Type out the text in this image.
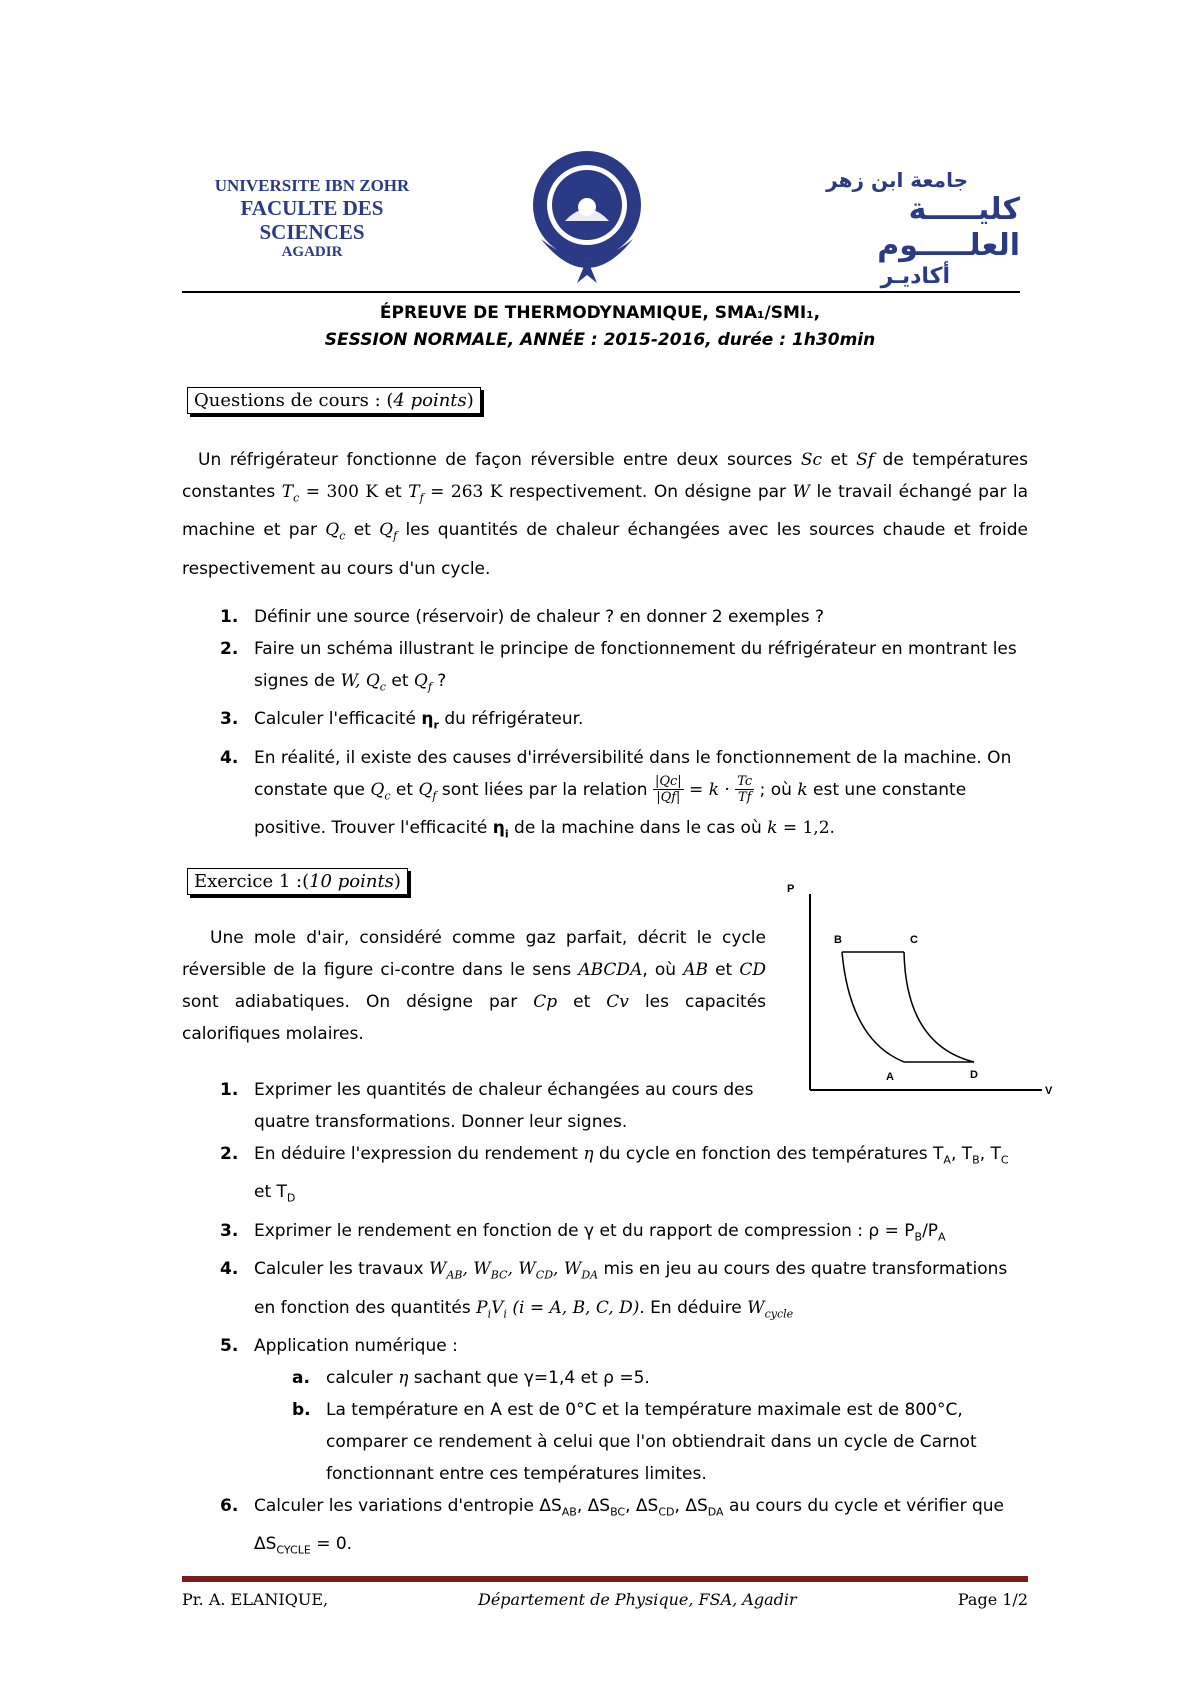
UNIVERSITE IBN ZOHR
FACULTE DES SCIENCES
AGADIR
جامعة ابن زهر
كليـــــة العلـــــوم
أكاديـر
ÉPREUVE DE THERMODYNAMIQUE, SMA₁/SMI₁,
SESSION NORMALE, ANNÉE : 2015-2016, durée : 1h30min
Questions de cours : (4 points)

Un réfrigérateur fonctionne de façon réversible entre deux sources Sc et Sf de températures constantes $T_c = 300$ K et $T_f = 263$ K respectivement. On désigne par W le travail échangé par la machine et par $Q_c$ et $Q_f$ les quantités de chaleur échangées avec les sources chaude et froide respectivement au cours d'un cycle.

1. Définir une source (réservoir) de chaleur ? en donner 2 exemples ?
2. Faire un schéma illustrant le principe de fonctionnement du réfrigérateur en montrant les signes de W, $Q_c$ et $Q_f$ ?
3. Calculer l'efficacité $\eta_r$ du réfrigérateur.
4. En réalité, il existe des causes d'irréversibilité dans le fonctionnement de la machine. On constate que $Q_c$ et $Q_f$ sont liées par la relation $\frac{|Qc|}{|Qf|} = k \cdot \frac{Tc}{Tf}$ ; où k est une constante positive. Trouver l'efficacité $\eta_i$ de la machine dans le cas où k = 1,2.
Exercice 1 :(10 points)

Une mole d'air, considéré comme gaz parfait, décrit le cycle réversible de la figure ci-contre dans le sens ABCDA, où AB et CD sont adiabatiques. On désigne par Cp et Cv les capacités calorifiques molaires.

P
V
B	C
A	D
1. Exprimer les quantités de chaleur échangées au cours des quatre transformations. Donner leur signes.
2. En déduire l'expression du rendement η du cycle en fonction des températures $T_A$, $T_B$, $T_C$ et $T_D$
3. Exprimer le rendement en fonction de γ et du rapport de compression : $\rho = P_B/P_A$
4. Calculer les travaux $W_{AB}$, $W_{BC}$, $W_{CD}$, $W_{DA}$ mis en jeu au cours des quatre transformations en fonction des quantités $P_iV_i$ (i = A, B, C, D). En déduire $W_{cycle}$
5. Application numérique :
a. calculer η sachant que γ=1,4 et ρ =5.
b. La température en A est de 0°C et la température maximale est de 800°C, comparer ce rendement à celui que l'on obtiendrait dans un cycle de Carnot fonctionnant entre ces températures limites.
6. Calculer les variations d'entropie $\Delta S_{AB}$, $\Delta S_{BC}$, $\Delta S_{CD}$, $\Delta S_{DA}$ au cours du cycle et vérifier que $\Delta S_{CYCLE} = 0$.
Pr. A. ELANIQUE,	Département de Physique, FSA, Agadir	Page 1/2
